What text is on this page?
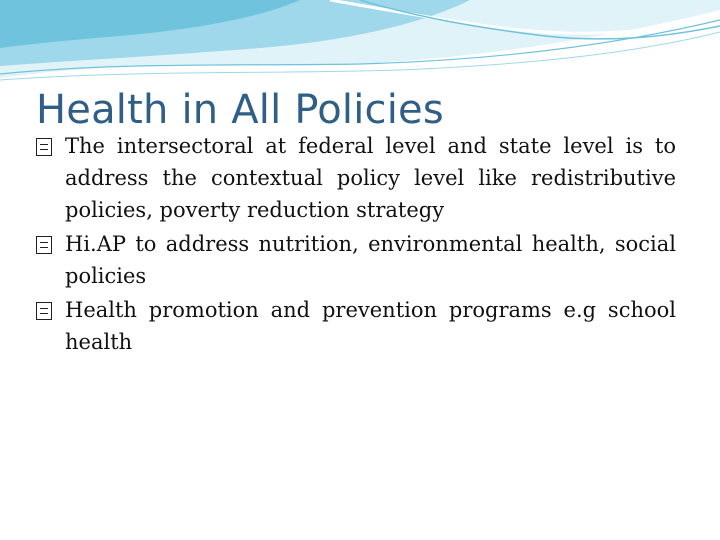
The intersectoral at federal level and state level is to address the contextual policy level like redistributive policies, poverty reduction strategy
Hi.AP to address nutrition, environmental health, social policies
Health promotion and prevention programs e.g school health
Health in All Policies
